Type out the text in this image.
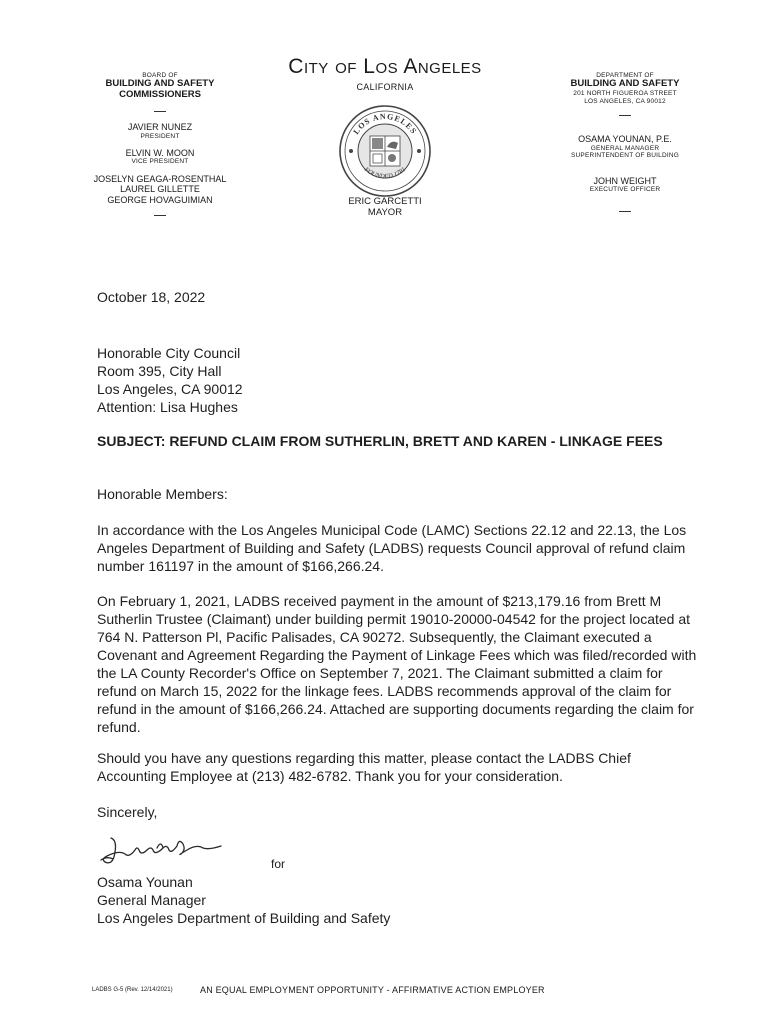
City of Los Angeles
CALIFORNIA
BOARD OF
BUILDING AND SAFETY
COMMISSIONERS
JAVIER NUNEZ
PRESIDENT
ELVIN W. MOON
VICE PRESIDENT
JOSELYN GEAGA-ROSENTHAL
LAUREL GILLETTE
GEORGE HOVAGUIMIAN
LOS ANGELES
FOUNDED 1781
ERIC GARCETTI
MAYOR
DEPARTMENT OF
BUILDING AND SAFETY
201 NORTH FIGUEROA STREET
LOS ANGELES, CA 90012
OSAMA YOUNAN, P.E.
GENERAL MANAGER
SUPERINTENDENT OF BUILDING
JOHN WEIGHT
EXECUTIVE OFFICER
October 18, 2022
Honorable City Council
Room 395, City Hall
Los Angeles, CA 90012
Attention: Lisa Hughes
SUBJECT: REFUND CLAIM FROM SUTHERLIN, BRETT AND KAREN - LINKAGE FEES
Honorable Members:

In accordance with the Los Angeles Municipal Code (LAMC) Sections 22.12 and 22.13, the Los Angeles Department of Building and Safety (LADBS) requests Council approval of refund claim number 161197 in the amount of $166,266.24.

On February 1, 2021, LADBS received payment in the amount of $213,179.16 from Brett M Sutherlin Trustee (Claimant) under building permit 19010-20000-04542 for the project located at 764 N. Patterson Pl, Pacific Palisades, CA 90272. Subsequently, the Claimant executed a Covenant and Agreement Regarding the Payment of Linkage Fees which was filed/recorded with the LA County Recorder's Office on September 7, 2021. The Claimant submitted a claim for refund on March 15, 2022 for the linkage fees. LADBS recommends approval of the claim for refund in the amount of $166,266.24. Attached are supporting documents regarding the claim for refund.

Should you have any questions regarding this matter, please contact the LADBS Chief Accounting Employee at (213) 482-6782. Thank you for your consideration.

Sincerely,
for
Osama Younan
General Manager
Los Angeles Department of Building and Safety
LADBS G-5 (Rev. 12/14/2021)	AN EQUAL EMPLOYMENT OPPORTUNITY - AFFIRMATIVE ACTION EMPLOYER
